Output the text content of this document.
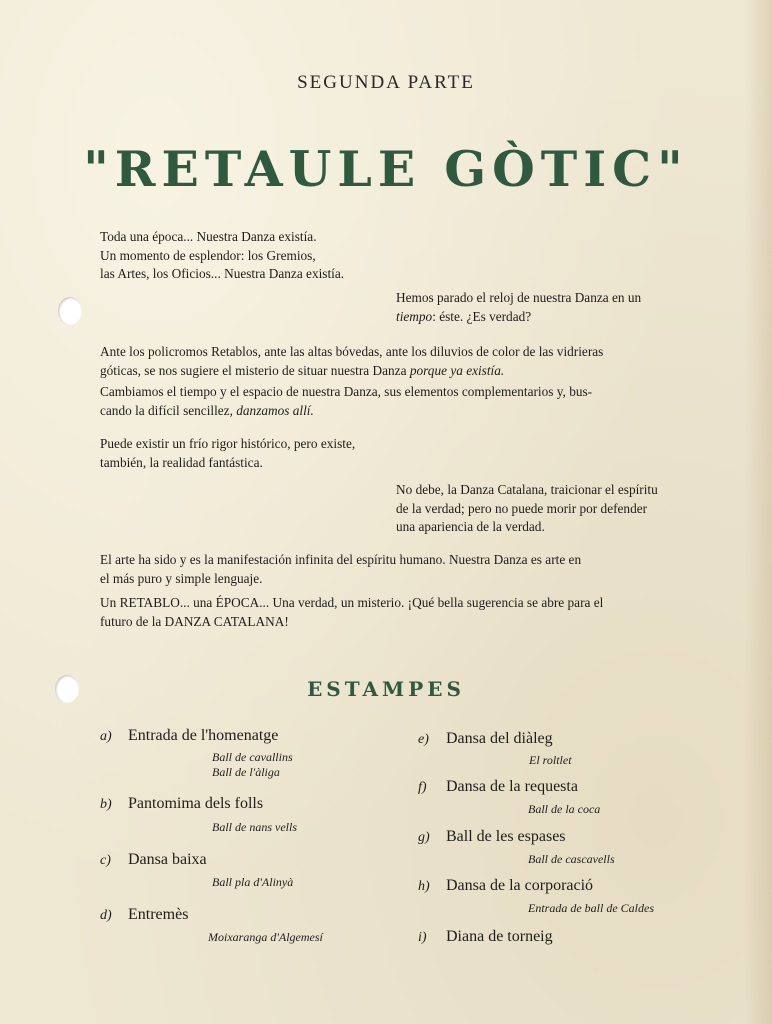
SEGUNDA PARTE
"RETAULE GÒTIC"

Toda una época... Nuestra Danza existía.

Un momento de esplendor: los Gremios,

las Artes, los Oficios... Nuestra Danza existía.

Hemos parado el reloj de nuestra Danza en un

tiempo: éste. ¿Es verdad?

Ante los policromos Retablos, ante las altas bóvedas, ante los diluvios de color de las vidrieras

góticas, se nos sugiere el misterio de situar nuestra Danza porque ya existía.

Cambiamos el tiempo y el espacio de nuestra Danza, sus elementos complementarios y, bus-

cando la difícil sencillez, danzamos allí.

Puede existir un frío rigor histórico, pero existe,

también, la realidad fantástica.

No debe, la Danza Catalana, traicionar el espíritu

de la verdad; pero no puede morir por defender

una apariencia de la verdad.

El arte ha sido y es la manifestación infinita del espíritu humano. Nuestra Danza es arte en

el más puro y simple lenguaje.

Un RETABLO... una ÉPOCA... Una verdad, un misterio. ¡Qué bella sugerencia se abre para el

futuro de la DANZA CATALANA!

ESTAMPES
a) Entrada de l'homenatge
Ball de cavallins
Ball de l'àliga
b) Pantomima dels folls
Ball de nans vells
c) Dansa baixa
Ball pla d'Alinyà
d) Entremès
Moixaranga d'Algemesí
e) Dansa del diàleg
El roltlet
f) Dansa de la requesta
Ball de la coca
g) Ball de les espases
Ball de cascavells
h) Dansa de la corporació
Entrada de ball de Caldes
i) Diana de torneig
